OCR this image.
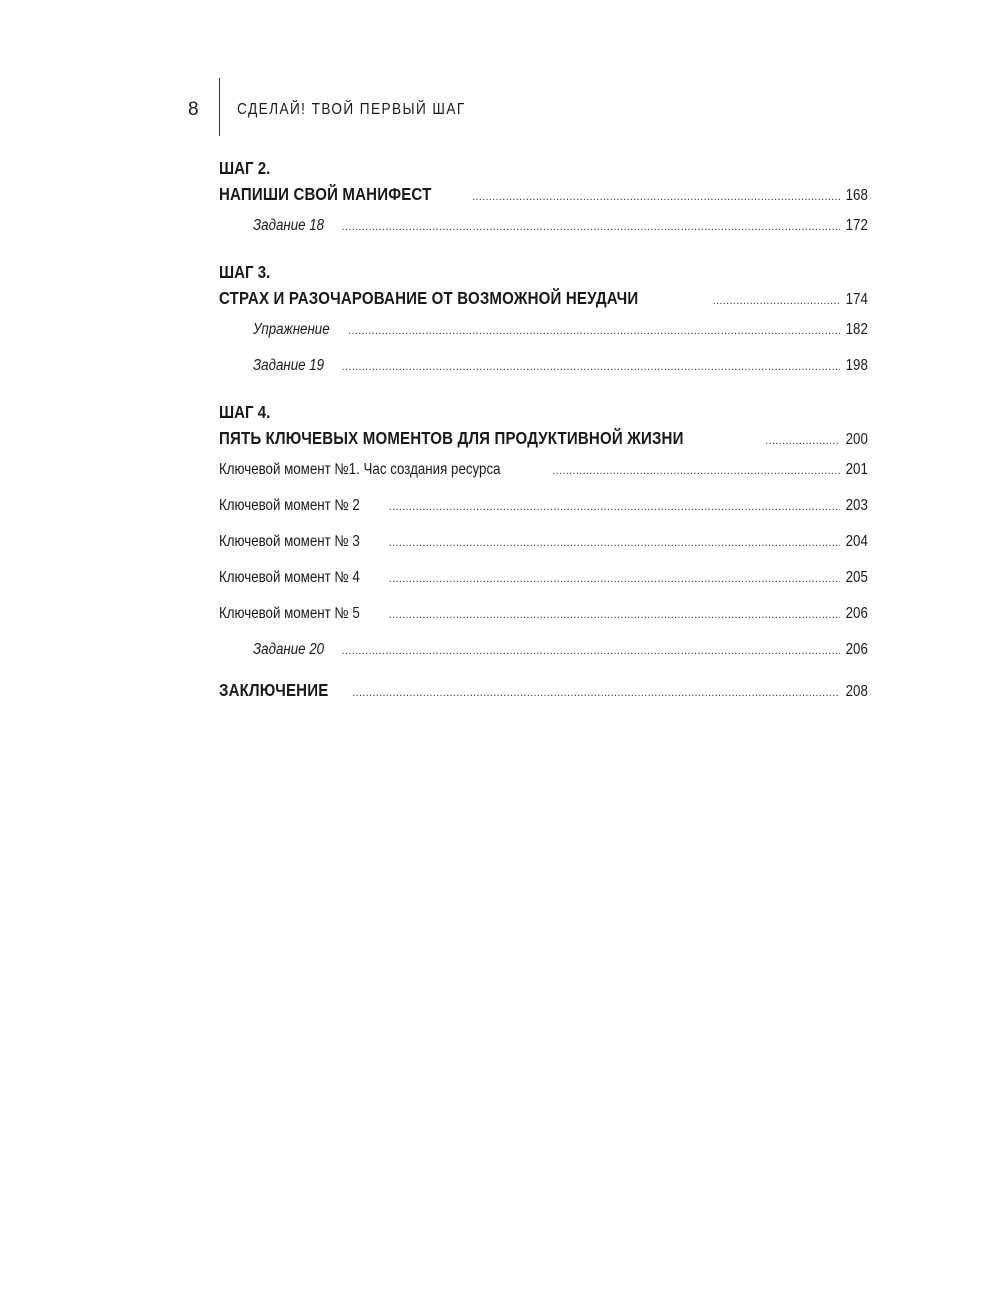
8 СДЕЛАЙ! ТВОЙ ПЕРВЫЙ ШАГ
ШАГ 2.
НАПИШИ СВОЙ МАНИФЕСТ .....	168
Задание 18 .....	172
ШАГ 3.
СТРАХ И РАЗОЧАРОВАНИЕ ОТ ВОЗМОЖНОЙ НЕУДАЧИ .....	174
Упражнение .....	182
Задание 19 .....	198
ШАГ 4.
ПЯТЬ КЛЮЧЕВЫХ МОМЕНТОВ ДЛЯ ПРОДУКТИВНОЙ ЖИЗНИ .....	200
Ключевой момент №1. Час создания ресурса .....	201
Ключевой момент № 2 .....	203
Ключевой момент № 3 .....	204
Ключевой момент № 4 .....	205
Ключевой момент № 5 .....	206
Задание 20 .....	206
ЗАКЛЮЧЕНИЕ .....	208
